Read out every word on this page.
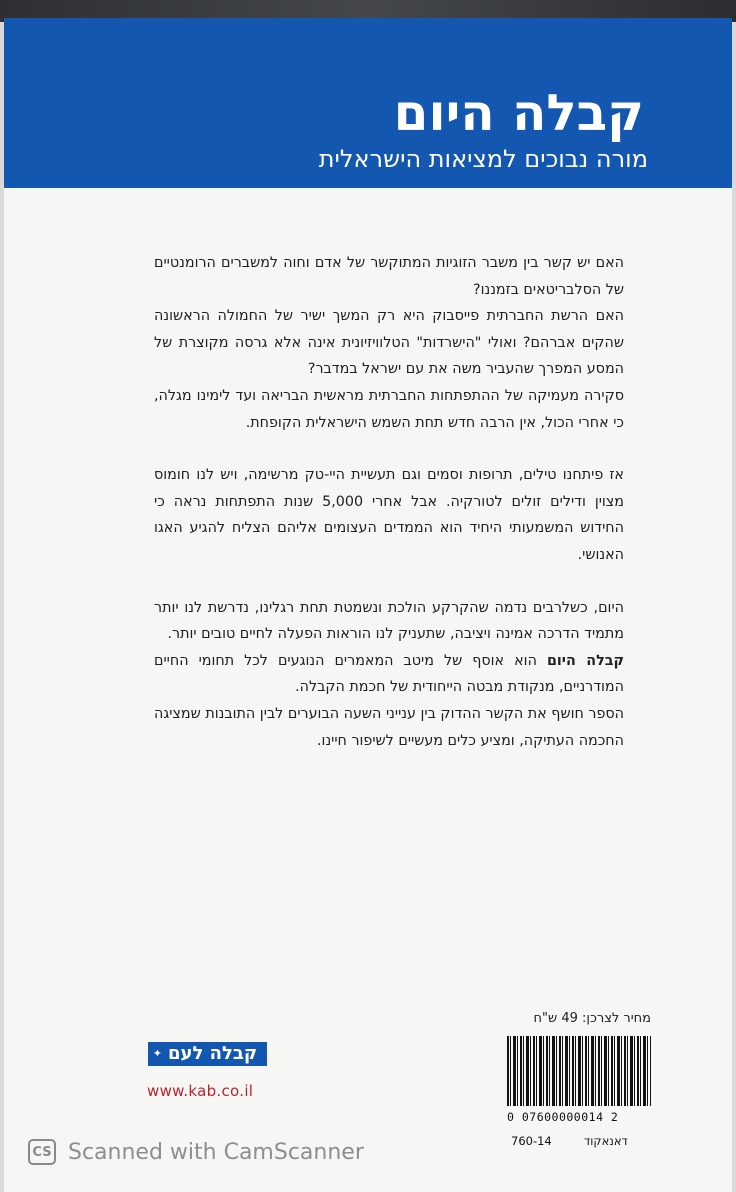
קבלה היום
מורה נבוכים למציאות הישראלית

האם יש קשר בין משבר הזוגיות המתוקשר של אדם וחוה למשברים הרומנטיים של הסלבריטאים בזמננו?

האם הרשת החברתית פייסבוק היא רק המשך ישיר של החמולה הראשונה שהקים אברהם? ואולי "הישרדות" הטלוויזיונית אינה אלא גרסה מקוצרת של המסע המפרך שהעביר משה את עם ישראל במדבר?

סקירה מעמיקה של ההתפתחות החברתית מראשית הבריאה ועד לימינו מגלה, כי אחרי הכול, אין הרבה חדש תחת השמש הישראלית הקופחת.

אז פיתחנו טילים, תרופות וסמים וגם תעשיית היי-טק מרשימה, ויש לנו חומוס מצוין ודילים זולים לטורקיה. אבל אחרי 5,000 שנות התפתחות נראה כי החידוש המשמעותי היחיד הוא הממדים העצומים אליהם הצליח להגיע האגו האנושי.

היום, כשלרבים נדמה שהקרקע הולכת ונשמטת תחת רגלינו, נדרשת לנו יותר מתמיד הדרכה אמינה ויציבה, שתעניק לנו הוראות הפעלה לחיים טובים יותר.

קבלה היום הוא אוסף של מיטב המאמרים הנוגעים לכל תחומי החיים המודרניים, מנקודת מבטה הייחודית של חכמת הקבלה.

הספר חושף את הקשר ההדוק בין ענייני השעה הבוערים לבין התובנות שמציגה החכמה העתיקה, ומציע כלים מעשיים לשיפור חיינו.

מחיר לצרכן: 49 ש"ח
0 07600000014 2
760-14	דאנאקוד
✦ קבלה לעם
www.kab.co.il
CS Scanned with CamScanner
